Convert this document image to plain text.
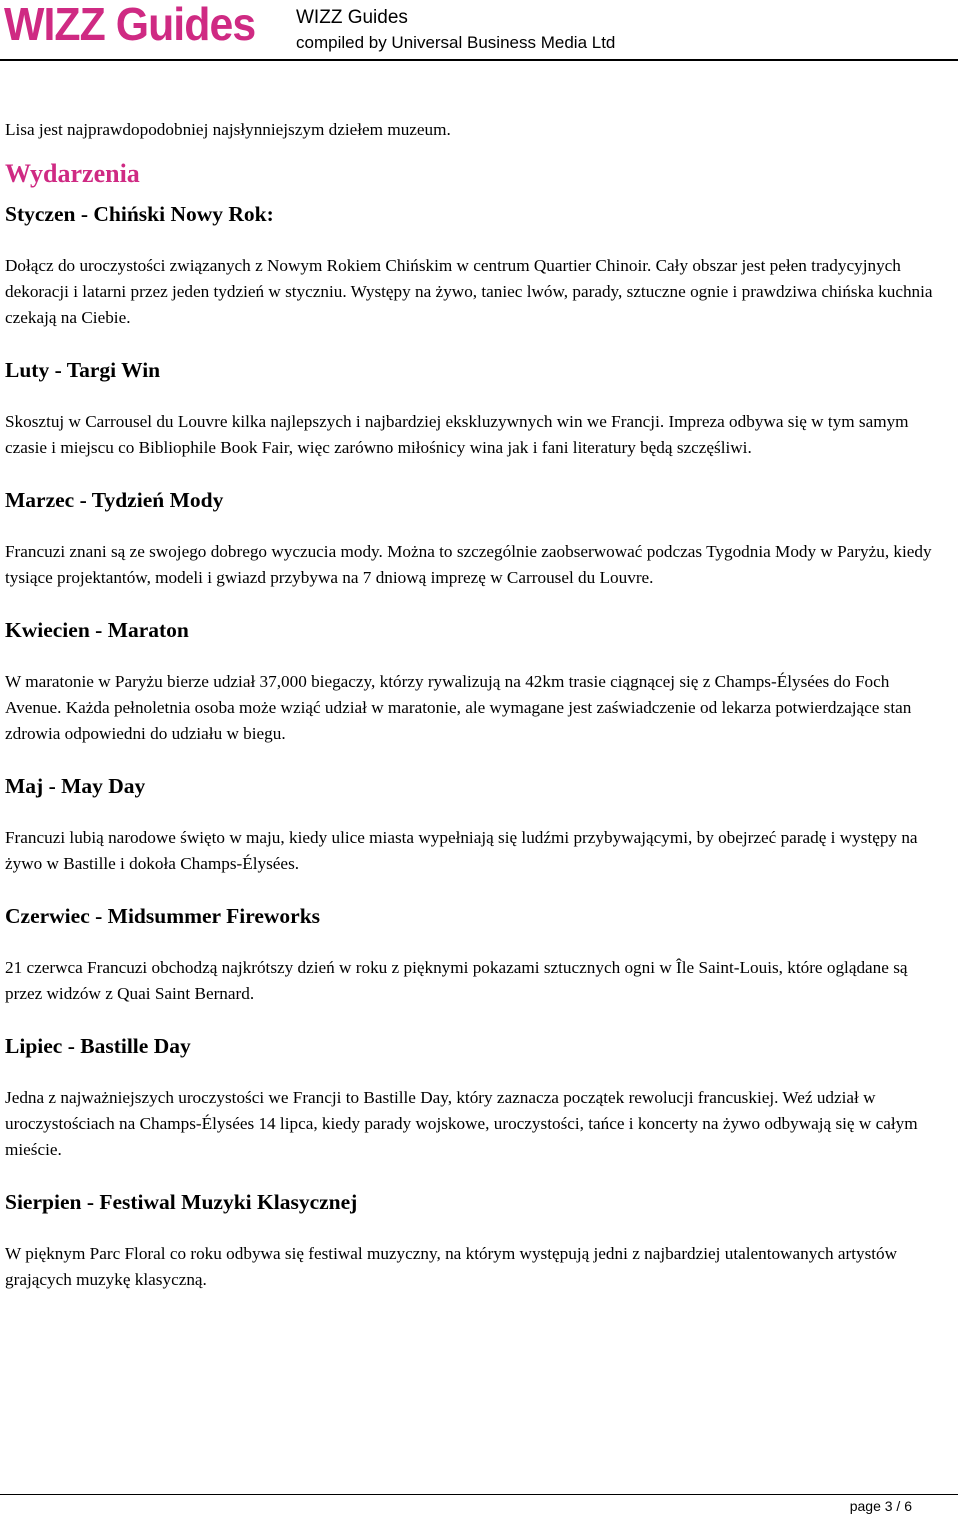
WIZZ Guides WIZZ Guides
compiled by Universal Business Media Ltd

Lisa jest najprawdopodobniej najsłynniejszym dziełem muzeum.

Wydarzenia
Styczen - Chiński Nowy Rok:

Dołącz do uroczystości związanych z Nowym Rokiem Chińskim w centrum Quartier Chinoir. Cały obszar jest pełen tradycyjnych dekoracji i latarni przez jeden tydzień w styczniu. Występy na żywo, taniec lwów, parady, sztuczne ognie i prawdziwa chińska kuchnia czekają na Ciebie.

Luty - Targi Win

Skosztuj w Carrousel du Louvre kilka najlepszych i najbardziej ekskluzywnych win we Francji. Impreza odbywa się w tym samym czasie i miejscu co Bibliophile Book Fair, więc zarówno miłośnicy wina jak i fani literatury będą szczęśliwi.

Marzec - Tydzień Mody

Francuzi znani są ze swojego dobrego wyczucia mody. Można to szczególnie zaobserwować podczas Tygodnia Mody w Paryżu, kiedy tysiące projektantów, modeli i gwiazd przybywa na 7 dniową imprezę w Carrousel du Louvre.

Kwiecien - Maraton

W maratonie w Paryżu bierze udział 37,000 biegaczy, którzy rywalizują na 42km trasie ciągnącej się z Champs-Élysées do Foch Avenue. Każda pełnoletnia osoba może wziąć udział w maratonie, ale wymagane jest zaświadczenie od lekarza potwierdzające stan zdrowia odpowiedni do udziału w biegu.

Maj - May Day

Francuzi lubią narodowe święto w maju, kiedy ulice miasta wypełniają się ludźmi przybywającymi, by obejrzeć paradę i występy na żywo w Bastille i dokoła Champs-Élysées.

Czerwiec - Midsummer Fireworks

21 czerwca Francuzi obchodzą najkrótszy dzień w roku z pięknymi pokazami sztucznych ogni w Île Saint-Louis, które oglądane są przez widzów z Quai Saint Bernard.

Lipiec - Bastille Day

Jedna z najważniejszych uroczystości we Francji to Bastille Day, który zaznacza początek rewolucji francuskiej. Weź udział w uroczystościach na Champs-Élysées 14 lipca, kiedy parady wojskowe, uroczystości, tańce i koncerty na żywo odbywają się w całym mieście.

Sierpien - Festiwal Muzyki Klasycznej

W pięknym Parc Floral co roku odbywa się festiwal muzyczny, na którym występują jedni z najbardziej utalentowanych artystów grających muzykę klasyczną.

page 3 / 6
